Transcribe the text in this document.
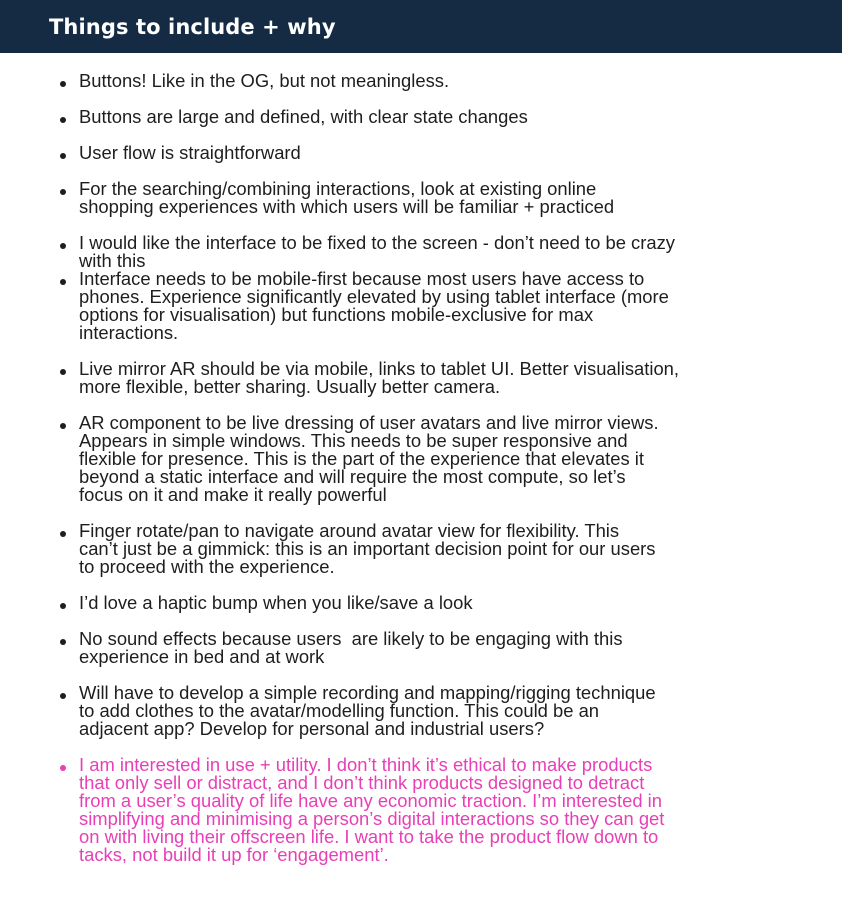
Things to include + why

Buttons! Like in the OG, but not meaningless.

Buttons are large and defined, with clear state changes

User flow is straightforward

For the searching/combining interactions, look at existing online
shopping experiences with which users will be familiar + practiced

I would like the interface to be fixed to the screen - don’t need to be crazy
with this

Interface needs to be mobile-first because most users have access to
phones. Experience significantly elevated by using tablet interface (more
options for visualisation) but functions mobile-exclusive for max
interactions.

Live mirror AR should be via mobile, links to tablet UI. Better visualisation,
more flexible, better sharing. Usually better camera.

AR component to be live dressing of user avatars and live mirror views.
Appears in simple windows. This needs to be super responsive and
flexible for presence. This is the part of the experience that elevates it
beyond a static interface and will require the most compute, so let’s
focus on it and make it really powerful

Finger rotate/pan to navigate around avatar view for flexibility. This
can’t just be a gimmick: this is an important decision point for our users
to proceed with the experience.

I’d love a haptic bump when you like/save a look

No sound effects because users  are likely to be engaging with this
experience in bed and at work

Will have to develop a simple recording and mapping/rigging technique
to add clothes to the avatar/modelling function. This could be an
adjacent app? Develop for personal and industrial users?

I am interested in use + utility. I don’t think it’s ethical to make products
that only sell or distract, and I don’t think products designed to detract
from a user’s quality of life have any economic traction. I’m interested in
simplifying and minimising a person’s digital interactions so they can get
on with living their offscreen life. I want to take the product flow down to
tacks, not build it up for ‘engagement’.
